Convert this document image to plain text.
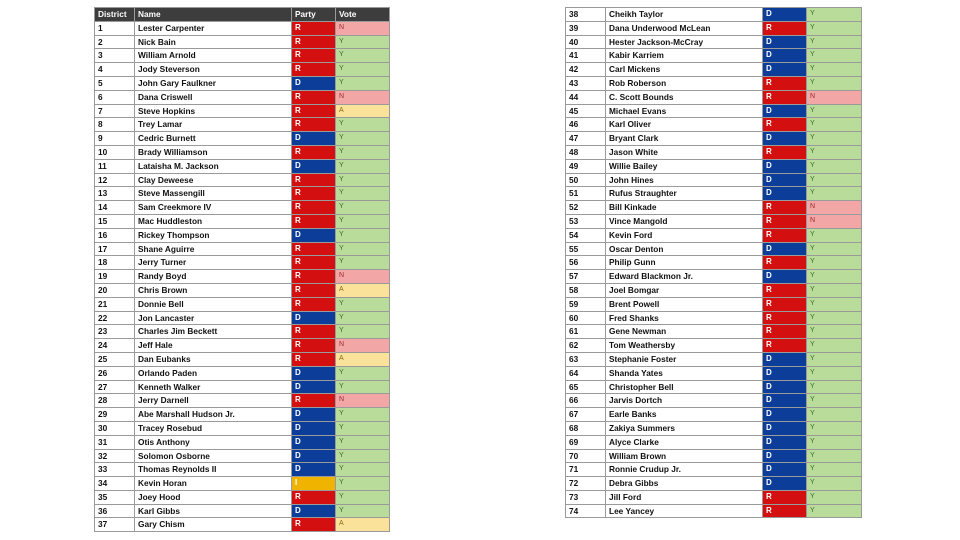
District	Name	Party	Vote
1	Lester Carpenter	R	N
2	Nick Bain	R	Y
3	William Arnold	R	Y
4	Jody Steverson	R	Y
5	John Gary Faulkner	D	Y
6	Dana Criswell	R	N
7	Steve Hopkins	R	A
8	Trey Lamar	R	Y
9	Cedric Burnett	D	Y
10	Brady Williamson	R	Y
11	Lataisha M. Jackson	D	Y
12	Clay Deweese	R	Y
13	Steve Massengill	R	Y
14	Sam Creekmore IV	R	Y
15	Mac Huddleston	R	Y
16	Rickey Thompson	D	Y
17	Shane Aguirre	R	Y
18	Jerry Turner	R	Y
19	Randy Boyd	R	N
20	Chris Brown	R	A
21	Donnie Bell	R	Y
22	Jon Lancaster	D	Y
23	Charles Jim Beckett	R	Y
24	Jeff Hale	R	N
25	Dan Eubanks	R	A
26	Orlando Paden	D	Y
27	Kenneth Walker	D	Y
28	Jerry Darnell	R	N
29	Abe Marshall Hudson Jr.	D	Y
30	Tracey Rosebud	D	Y
31	Otis Anthony	D	Y
32	Solomon Osborne	D	Y
33	Thomas Reynolds II	D	Y
34	Kevin Horan	I	Y
35	Joey Hood	R	Y
36	Karl Gibbs	D	Y
37	Gary Chism	R	A
38	Cheikh Taylor	D	Y
39	Dana Underwood McLean	R	Y
40	Hester Jackson-McCray	D	Y
41	Kabir Karriem	D	Y
42	Carl Mickens	D	Y
43	Rob Roberson	R	Y
44	C. Scott Bounds	R	N
45	Michael Evans	D	Y
46	Karl Oliver	R	Y
47	Bryant Clark	D	Y
48	Jason White	R	Y
49	Willie Bailey	D	Y
50	John Hines	D	Y
51	Rufus Straughter	D	Y
52	Bill Kinkade	R	N
53	Vince Mangold	R	N
54	Kevin Ford	R	Y
55	Oscar Denton	D	Y
56	Philip Gunn	R	Y
57	Edward Blackmon Jr.	D	Y
58	Joel Bomgar	R	Y
59	Brent Powell	R	Y
60	Fred Shanks	R	Y
61	Gene Newman	R	Y
62	Tom Weathersby	R	Y
63	Stephanie Foster	D	Y
64	Shanda Yates	D	Y
65	Christopher Bell	D	Y
66	Jarvis Dortch	D	Y
67	Earle Banks	D	Y
68	Zakiya Summers	D	Y
69	Alyce Clarke	D	Y
70	William Brown	D	Y
71	Ronnie Crudup Jr.	D	Y
72	Debra Gibbs	D	Y
73	Jill Ford	R	Y
74	Lee Yancey	R	Y
